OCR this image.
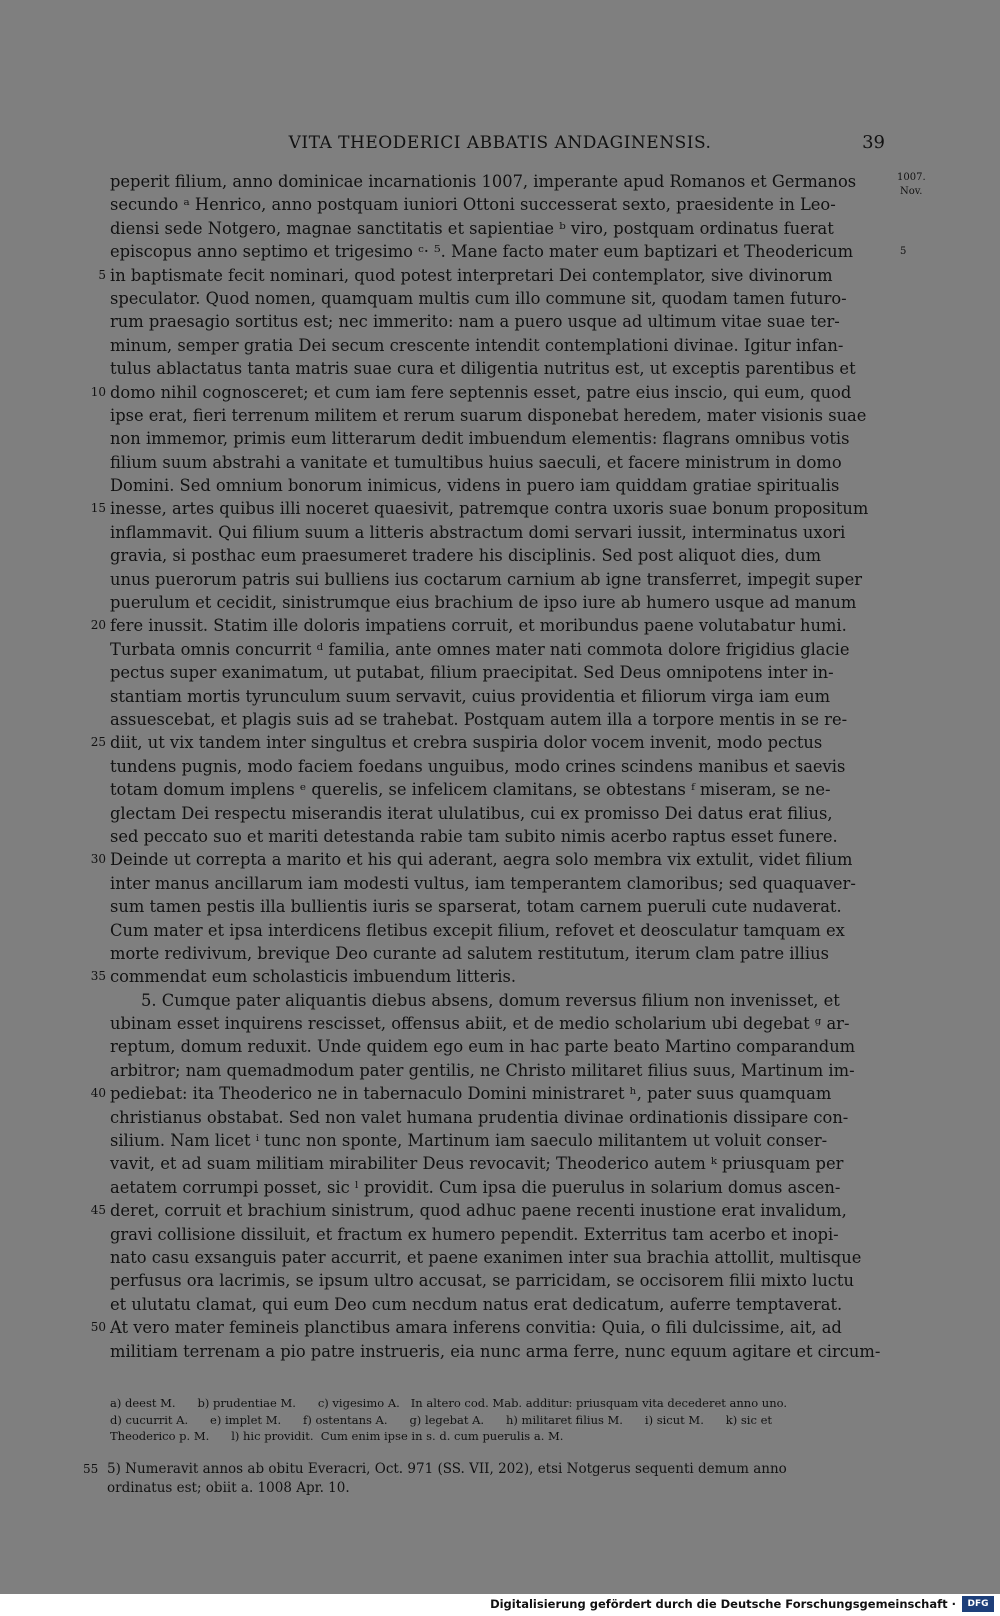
VITA THEODERICI ABBATIS ANDAGINENSIS.	39
1007.
Nov.
5
peperit filium, anno dominicae incarnationis 1007, imperante apud Romanos et Germanos
secundo ᵃ Henrico, anno postquam iuniori Ottoni successerat sexto, praesidente in Leo-
diensi sede Notgero, magnae sanctitatis et sapientiae ᵇ viro, postquam ordinatus fuerat
episcopus anno septimo et trigesimo ᶜ· ⁵. Mane facto mater eum baptizari et Theodericum
5 in baptismate fecit nominari, quod potest interpretari Dei contemplator, sive divinorum
speculator. Quod nomen, quamquam multis cum illo commune sit, quodam tamen futuro-
rum praesagio sortitus est; nec immerito: nam a puero usque ad ultimum vitae suae ter-
minum, semper gratia Dei secum crescente intendit contemplationi divinae. Igitur infan-
tulus ablactatus tanta matris suae cura et diligentia nutritus est, ut exceptis parentibus et
10 domo nihil cognosceret; et cum iam fere septennis esset, patre eius inscio, qui eum, quod
ipse erat, fieri terrenum militem et rerum suarum disponebat heredem, mater visionis suae
non immemor, primis eum litterarum dedit imbuendum elementis: flagrans omnibus votis
filium suum abstrahi a vanitate et tumultibus huius saeculi, et facere ministrum in domo
Domini. Sed omnium bonorum inimicus, videns in puero iam quiddam gratiae spiritualis
15 inesse, artes quibus illi noceret quaesivit, patremque contra uxoris suae bonum propositum
inflammavit. Qui filium suum a litteris abstractum domi servari iussit, interminatus uxori
gravia, si posthac eum praesumeret tradere his disciplinis. Sed post aliquot dies, dum
unus puerorum patris sui bulliens ius coctarum carnium ab igne transferret, impegit super
puerulum et cecidit, sinistrumque eius brachium de ipso iure ab humero usque ad manum
20 fere inussit. Statim ille doloris impatiens corruit, et moribundus paene volutabatur humi.
Turbata omnis concurrit ᵈ familia, ante omnes mater nati commota dolore frigidius glacie
pectus super exanimatum, ut putabat, filium praecipitat. Sed Deus omnipotens inter in-
stantiam mortis tyrunculum suum servavit, cuius providentia et filiorum virga iam eum
assuescebat, et plagis suis ad se trahebat. Postquam autem illa a torpore mentis in se re-
25 diit, ut vix tandem inter singultus et crebra suspiria dolor vocem invenit, modo pectus
tundens pugnis, modo faciem foedans unguibus, modo crines scindens manibus et saevis
totam domum implens ᵉ querelis, se infelicem clamitans, se obtestans ᶠ miseram, se ne-
glectam Dei respectu miserandis iterat ululatibus, cui ex promisso Dei datus erat filius,
sed peccato suo et mariti detestanda rabie tam subito nimis acerbo raptus esset funere.
30 Deinde ut correpta a marito et his qui aderant, aegra solo membra vix extulit, videt filium
inter manus ancillarum iam modesti vultus, iam temperantem clamoribus; sed quaquaver-
sum tamen pestis illa bullientis iuris se sparserat, totam carnem pueruli cute nudaverat.
Cum mater et ipsa interdicens fletibus excepit filium, refovet et deosculatur tamquam ex
morte redivivum, brevique Deo curante ad salutem restitutum, iterum clam patre illius
35 commendat eum scholasticis imbuendum litteris.
5. Cumque pater aliquantis diebus absens, domum reversus filium non invenisset, et
ubinam esset inquirens rescisset, offensus abiit, et de medio scholarium ubi degebat ᵍ ar-
reptum, domum reduxit. Unde quidem ego eum in hac parte beato Martino comparandum
arbitror; nam quemadmodum pater gentilis, ne Christo militaret filius suus, Martinum im-
40 pediebat: ita Theoderico ne in tabernaculo Domini ministraret ʰ, pater suus quamquam
christianus obstabat. Sed non valet humana prudentia divinae ordinationis dissipare con-
silium. Nam licet ⁱ tunc non sponte, Martinum iam saeculo militantem ut voluit conser-
vavit, et ad suam militiam mirabiliter Deus revocavit; Theoderico autem ᵏ priusquam per
aetatem corrumpi posset, sic ˡ providit. Cum ipsa die puerulus in solarium domus ascen-
45 deret, corruit et brachium sinistrum, quod adhuc paene recenti inustione erat invalidum,
gravi collisione dissiluit, et fractum ex humero pependit. Exterritus tam acerbo et inopi-
nato casu exsanguis pater accurrit, et paene exanimen inter sua brachia attollit, multisque
perfusus ora lacrimis, se ipsum ultro accusat, se parricidam, se occisorem filii mixto luctu
et ulutatu clamat, qui eum Deo cum necdum natus erat dedicatum, auferre temptaverat.
50 At vero mater femineis planctibus amara inferens convitia: Quia, o fili dulcissime, ait, ad
militiam terrenam a pio patre instrueris, eia nunc arma ferre, nunc equum agitare et circum-
a) deest M.      b) prudentiae M.      c) vigesimo A.   In altero cod. Mab. additur: priusquam vita decederet anno uno.
d) cucurrit A.      e) implet M.      f) ostentans A.      g) legebat A.      h) militaret filius M.      i) sicut M.      k) sic et
Theoderico p. M.      l) hic providit.  Cum enim ipse in s. d. cum puerulis a. M.
55 5) Numeravit annos ab obitu Everacri, Oct. 971 (SS. VII, 202), etsi Notgerus sequenti demum anno
ordinatus est; obiit a. 1008 Apr. 10.
Digitalisierung gefördert durch die Deutsche Forschungsgemeinschaft ·	DFG
